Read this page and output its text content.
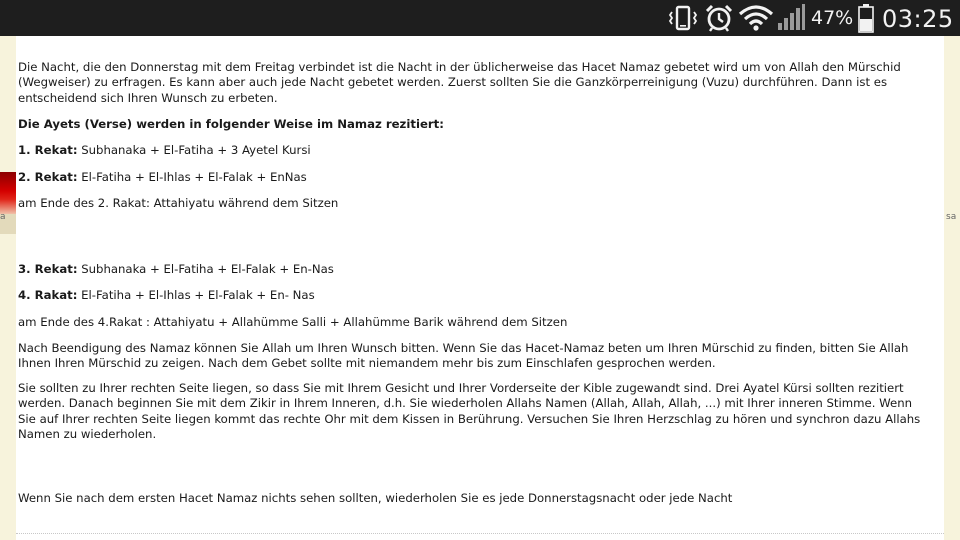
47% 03:25
a	sa

Die Nacht, die den Donnerstag mit dem Freitag verbindet ist die Nacht in der üblicherweise das Hacet Namaz gebetet wird um von Allah den Mürschid (Wegweiser) zu erfragen. Es kann aber auch jede Nacht gebetet werden. Zuerst sollten Sie die Ganzkörperreinigung (Vuzu) durchführen. Dann ist es entscheidend sich Ihren Wunsch zu erbeten.

Die Ayets (Verse) werden in folgender Weise im Namaz rezitiert:

1. Rekat: Subhanaka + El-Fatiha + 3 Ayetel Kursi

2. Rekat: El-Fatiha + El-Ihlas + El-Falak + EnNas

am Ende des 2. Rakat: Attahiyatu während dem Sitzen

3. Rekat: Subhanaka + El-Fatiha + El-Falak + En-Nas

4. Rakat: El-Fatiha + El-Ihlas + El-Falak + En- Nas

am Ende des 4.Rakat : Attahiyatu + Allahümme Salli + Allahümme Barik während dem Sitzen

Nach Beendigung des Namaz können Sie Allah um Ihren Wunsch bitten. Wenn Sie das Hacet-Namaz beten um Ihren Mürschid zu finden, bitten Sie Allah Ihnen Ihren Mürschid zu zeigen. Nach dem Gebet sollte mit niemandem mehr bis zum Einschlafen gesprochen werden.

Sie sollten zu Ihrer rechten Seite liegen, so dass Sie mit Ihrem Gesicht und Ihrer Vorderseite der Kible zugewandt sind. Drei Ayatel Kürsi sollten rezitiert werden. Danach beginnen Sie mit dem Zikir in Ihrem Inneren, d.h. Sie wiederholen Allahs Namen (Allah, Allah, Allah, ...) mit Ihrer inneren Stimme. Wenn Sie auf Ihrer rechten Seite liegen kommt das rechte Ohr mit dem Kissen in Berührung. Versuchen Sie Ihren Herzschlag zu hören und synchron dazu Allahs Namen zu wiederholen.

Wenn Sie nach dem ersten Hacet Namaz nichts sehen sollten, wiederholen Sie es jede Donnerstagsnacht oder jede Nacht
